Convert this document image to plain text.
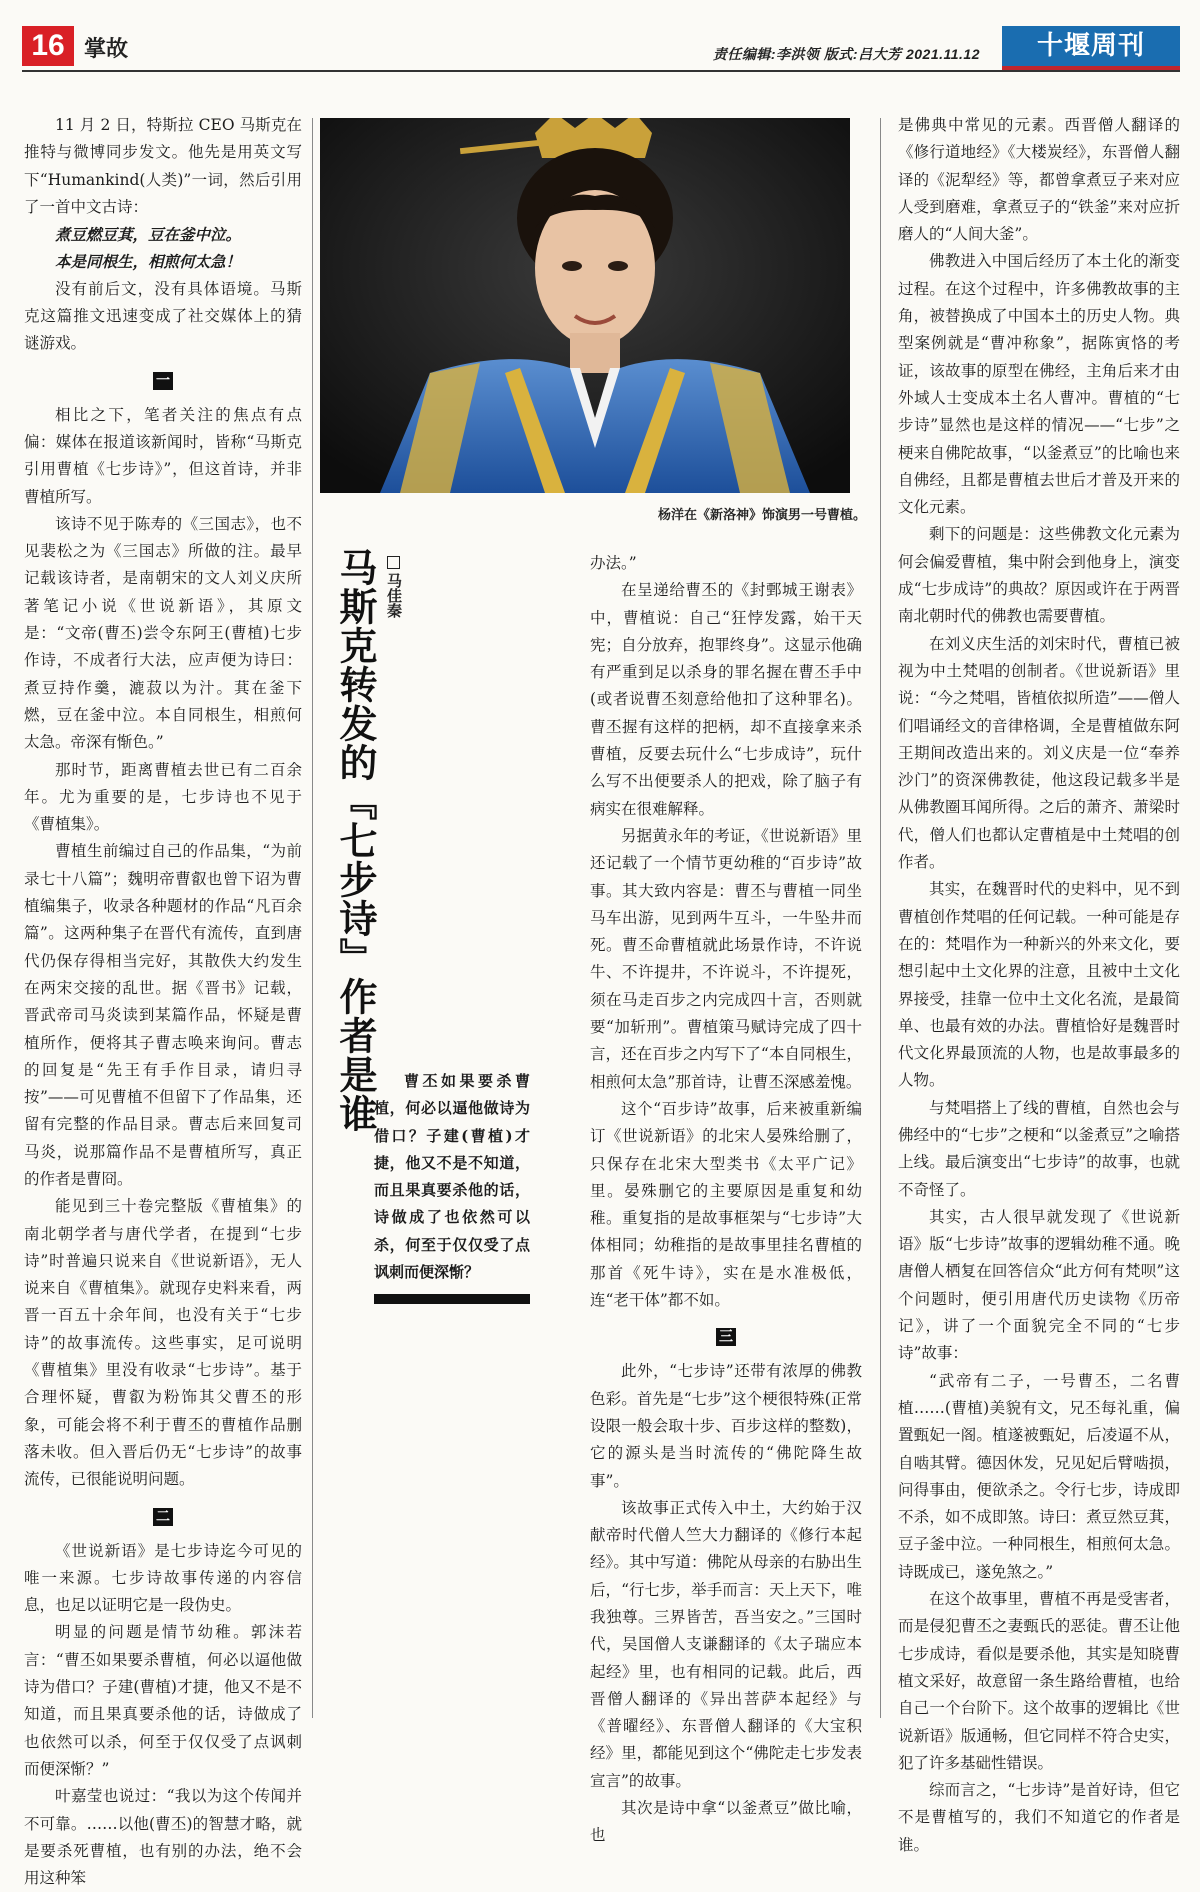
16 掌故	责任编辑:李洪领 版式:吕大芳 2021.11.12	十堰周刊

11 月 2 日，特斯拉 CEO 马斯克在推特与微博同步发文。他先是用英文写下“Humankind(人类)”一词，然后引用了一首中文古诗：

煮豆燃豆萁，豆在釜中泣。

本是同根生，相煎何太急！

没有前后文，没有具体语境。马斯克这篇推文迅速变成了社交媒体上的猜谜游戏。

一

相比之下，笔者关注的焦点有点偏：媒体在报道该新闻时，皆称“马斯克引用曹植《七步诗》”，但这首诗，并非曹植所写。

该诗不见于陈寿的《三国志》，也不见裴松之为《三国志》所做的注。最早记载该诗者，是南朝宋的文人刘义庆所著笔记小说《世说新语》，其原文是：“文帝(曹丕)尝令东阿王(曹植)七步作诗，不成者行大法，应声便为诗曰：煮豆持作羹，漉菽以为汁。萁在釜下燃，豆在釜中泣。本自同根生，相煎何太急。帝深有惭色。”

那时节，距离曹植去世已有二百余年。尤为重要的是，七步诗也不见于《曹植集》。

曹植生前编过自己的作品集，“为前录七十八篇”；魏明帝曹叡也曾下诏为曹植编集子，收录各种题材的作品“凡百余篇”。这两种集子在晋代有流传，直到唐代仍保存得相当完好，其散佚大约发生在两宋交接的乱世。据《晋书》记载，晋武帝司马炎读到某篇作品，怀疑是曹植所作，便将其子曹志唤来询问。曹志的回复是“先王有手作目录，请归寻按”——可见曹植不但留下了作品集，还留有完整的作品目录。曹志后来回复司马炎，说那篇作品不是曹植所写，真正的作者是曹冏。

能见到三十卷完整版《曹植集》的南北朝学者与唐代学者，在提到“七步诗”时普遍只说来自《世说新语》，无人说来自《曹植集》。就现存史料来看，两晋一百五十余年间，也没有关于“七步诗”的故事流传。这些事实，足可说明《曹植集》里没有收录“七步诗”。基于合理怀疑，曹叡为粉饰其父曹丕的形象，可能会将不利于曹丕的曹植作品删落未收。但入晋后仍无“七步诗”的故事流传，已很能说明问题。

二

《世说新语》是七步诗迄今可见的唯一来源。七步诗故事传递的内容信息，也足以证明它是一段伪史。

明显的问题是情节幼稚。郭沫若言：“曹丕如果要杀曹植，何必以逼他做诗为借口？子建(曹植)才捷，他又不是不知道，而且果真要杀他的话，诗做成了也依然可以杀，何至于仅仅受了点讽刺而便深惭？”

叶嘉莹也说过：“我以为这个传闻并不可靠。……以他(曹丕)的智慧才略，就是要杀死曹植，也有别的办法，绝不会用这种笨

杨洋在《新洛神》饰演男一号曹植。
马斯克转发的『七步诗』作者是谁 马佳秦

曹丕如果要杀曹植，何必以逼他做诗为借口？子建(曹植)才捷，他又不是不知道，而且果真要杀他的话，诗做成了也依然可以杀，何至于仅仅受了点讽刺而便深惭？

办法。”

在呈递给曹丕的《封鄄城王谢表》中，曹植说：自己“狂悖发露，始干天宪；自分放弃，抱罪终身”。这显示他确有严重到足以杀身的罪名握在曹丕手中(或者说曹丕刻意给他扣了这种罪名)。曹丕握有这样的把柄，却不直接拿来杀曹植，反要去玩什么“七步成诗”，玩什么写不出便要杀人的把戏，除了脑子有病实在很难解释。

另据黄永年的考证，《世说新语》里还记载了一个情节更幼稚的“百步诗”故事。其大致内容是：曹丕与曹植一同坐马车出游，见到两牛互斗，一牛坠井而死。曹丕命曹植就此场景作诗，不许说牛、不许提井，不许说斗，不许提死，须在马走百步之内完成四十言，否则就要“加斩刑”。曹植策马赋诗完成了四十言，还在百步之内写下了“本自同根生，相煎何太急”那首诗，让曹丕深感羞愧。

这个“百步诗”故事，后来被重新编订《世说新语》的北宋人晏殊给删了，只保存在北宋大型类书《太平广记》里。晏殊删它的主要原因是重复和幼稚。重复指的是故事框架与“七步诗”大体相同；幼稚指的是故事里挂名曹植的那首《死牛诗》，实在是水准极低，连“老干体”都不如。

三

此外，“七步诗”还带有浓厚的佛教色彩。首先是“七步”这个梗很特殊(正常设限一般会取十步、百步这样的整数)，它的源头是当时流传的“佛陀降生故事”。

该故事正式传入中土，大约始于汉献帝时代僧人竺大力翻译的《修行本起经》。其中写道：佛陀从母亲的右胁出生后，“行七步，举手而言：天上天下，唯我独尊。三界皆苦，吾当安之。”三国时代，吴国僧人支谦翻译的《太子瑞应本起经》里，也有相同的记载。此后，西晋僧人翻译的《异出菩萨本起经》与《普曜经》、东晋僧人翻译的《大宝积经》里，都能见到这个“佛陀走七步发表宣言”的故事。

其次是诗中拿“以釜煮豆”做比喻，也

是佛典中常见的元素。西晋僧人翻译的《修行道地经》《大楼炭经》，东晋僧人翻译的《泥犁经》等，都曾拿煮豆子来对应人受到磨难，拿煮豆子的“铁釜”来对应折磨人的“人间大釜”。

佛教进入中国后经历了本土化的渐变过程。在这个过程中，许多佛教故事的主角，被替换成了中国本土的历史人物。典型案例就是“曹冲称象”，据陈寅恪的考证，该故事的原型在佛经，主角后来才由外域人士变成本土名人曹冲。曹植的“七步诗”显然也是这样的情况——“七步”之梗来自佛陀故事，“以釜煮豆”的比喻也来自佛经，且都是曹植去世后才普及开来的文化元素。

剩下的问题是：这些佛教文化元素为何会偏爱曹植，集中附会到他身上，演变成“七步成诗”的典故？原因或许在于两晋南北朝时代的佛教也需要曹植。

在刘义庆生活的刘宋时代，曹植已被视为中土梵唱的创制者。《世说新语》里说：“今之梵唱，皆植依拟所造”——僧人们唱诵经文的音律格调，全是曹植做东阿王期间改造出来的。刘义庆是一位“奉养沙门”的资深佛教徒，他这段记载多半是从佛教圈耳闻所得。之后的萧齐、萧梁时代，僧人们也都认定曹植是中土梵唱的创作者。

其实，在魏晋时代的史料中，见不到曹植创作梵唱的任何记载。一种可能是存在的：梵唱作为一种新兴的外来文化，要想引起中土文化界的注意，且被中土文化界接受，挂靠一位中土文化名流，是最简单、也最有效的办法。曹植恰好是魏晋时代文化界最顶流的人物，也是故事最多的人物。

与梵唱搭上了线的曹植，自然也会与佛经中的“七步”之梗和“以釜煮豆”之喻搭上线。最后演变出“七步诗”的故事，也就不奇怪了。

其实，古人很早就发现了《世说新语》版“七步诗”故事的逻辑幼稚不通。晚唐僧人栖复在回答信众“此方何有梵呗”这个问题时，便引用唐代历史读物《历帝记》，讲了一个面貌完全不同的“七步诗”故事：

“武帝有二子，一号曹丕，二名曹植……(曹植)美貌有文，兄丕每礼重，偏置甄妃一阁。植遂被甄妃，后凌逼不从，自啮其臂。德因休发，兄见妃后臂啮损，问得事由，便欲杀之。令行七步，诗成即不杀，如不成即煞。诗曰：煮豆然豆萁，豆子釜中泣。一种同根生，相煎何太急。诗既成已，遂免煞之。”

在这个故事里，曹植不再是受害者，而是侵犯曹丕之妻甄氏的恶徒。曹丕让他七步成诗，看似是要杀他，其实是知晓曹植文采好，故意留一条生路给曹植，也给自己一个台阶下。这个故事的逻辑比《世说新语》版通畅，但它同样不符合史实，犯了许多基础性错误。

综而言之，“七步诗”是首好诗，但它不是曹植写的，我们不知道它的作者是谁。
